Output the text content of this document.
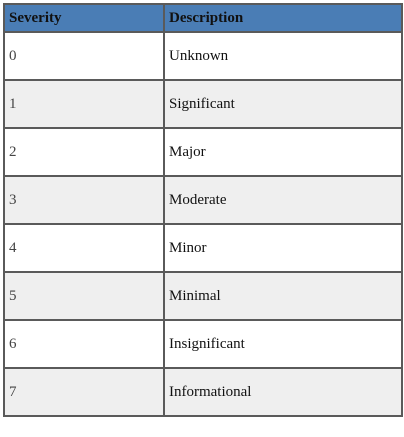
Severity	Description
0	Unknown
1	Significant
2	Major
3	Moderate
4	Minor
5	Minimal
6	Insignificant
7	Informational
